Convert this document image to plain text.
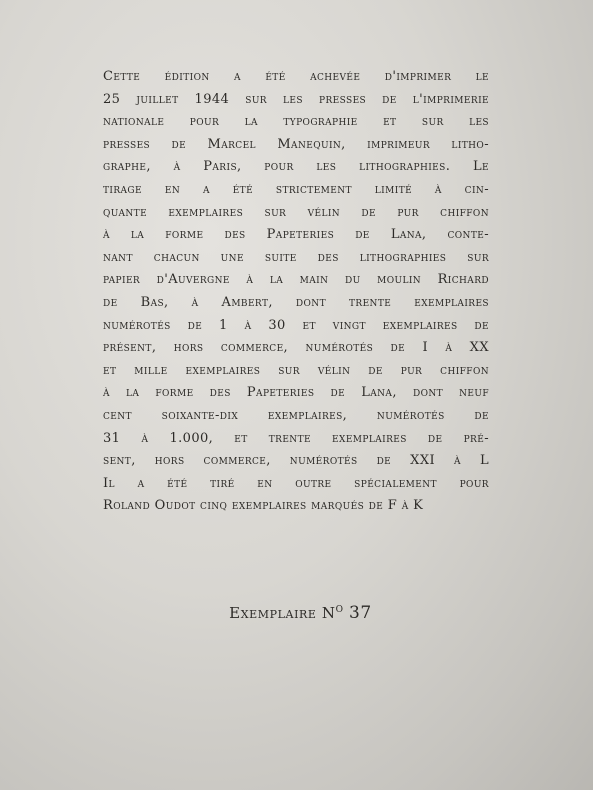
Cette édition a été achevée d'imprimer le
25 juillet 1944 sur les presses de l'imprimerie
nationale pour la typographie et sur les
presses de Marcel Manequin, imprimeur litho-
graphe, à Paris, pour les lithographies. Le
tirage en a été strictement limité à cin-
quante exemplaires sur vélin de pur chiffon
à la forme des Papeteries de Lana, conte-
nant chacun une suite des lithographies sur
papier d'Auvergne à la main du moulin Richard
de Bas, à Ambert, dont trente exemplaires
numérotés de 1 à 30 et vingt exemplaires de
présent, hors commerce, numérotés de I à XX
et mille exemplaires sur vélin de pur chiffon
à la forme des Papeteries de Lana, dont neuf
cent soixante-dix exemplaires, numérotés de
31 à 1.000, et trente exemplaires de pré-
sent, hors commerce, numérotés de XXI à L
Il a été tiré en outre spécialement pour
Roland Oudot cinq exemplaires marqués de F à K
Exemplaire $N^o$ 37
